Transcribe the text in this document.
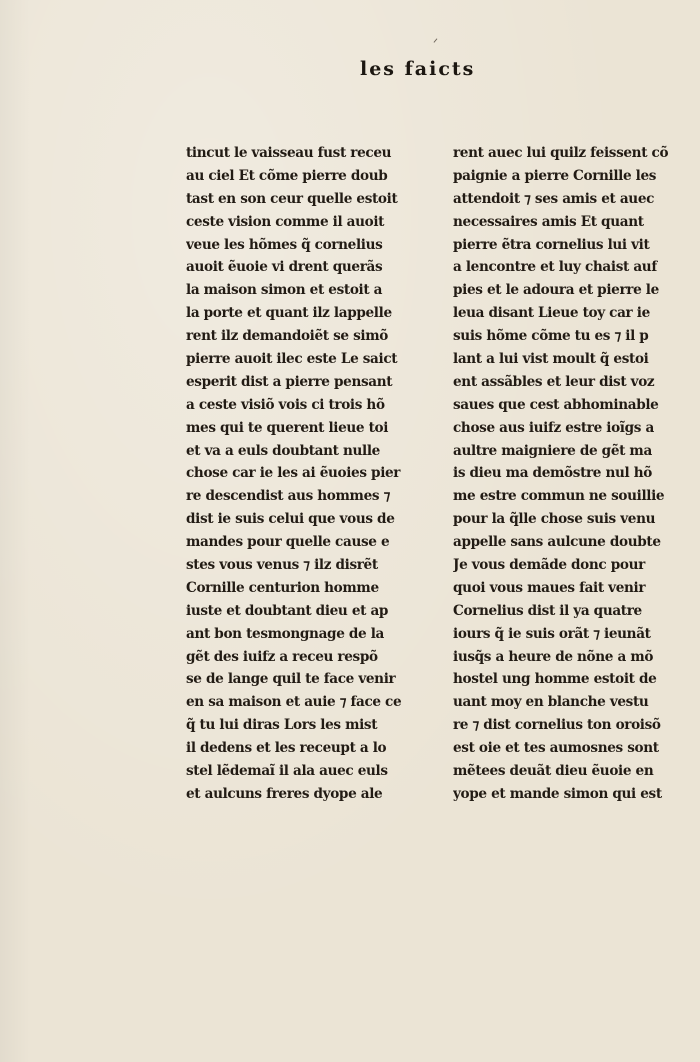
les faicts
tincut le vaisseau fust receu
au ciel Et cõme pierre doub
tast en son ceur quelle estoit
ceste vision comme il auoit
veue les hõmes q̃ cornelius
auoit ẽuoie vi drent querãs
la maison simon et estoit a
la porte et quant ilz lappelle
rent ilz demandoiẽt se simõ
pierre auoit ilec este Le saict
esperit dist a pierre pensant
a ceste visiõ vois ci trois hõ
mes qui te querent lieue toi
et va a euls doubtant nulle
chose car ie les ai ẽuoies pier
re descendist aus hommes ⁊
dist ie suis celui que vous de
mandes pour quelle cause e
stes vous venus ⁊ ilz disrẽt
Cornille centurion homme
iuste et doubtant dieu et ap
ant bon tesmongnage de la
gẽt des iuifz a receu respõ
se de lange quil te face venir
en sa maison et auie ⁊ face ce
q̃ tu lui diras Lors les mist
il dedens et les receupt a lo
stel lẽdemaĩ il ala auec euls
et aulcuns freres dyope ale
rent auec lui quilz feissent cõ
paignie a pierre Cornille les
attendoit ⁊ ses amis et auec
necessaires amis Et quant
pierre ẽtra cornelius lui vit
a lencontre et luy chaist auf
pies et le adoura et pierre le
leua disant Lieue toy car ie
suis hõme cõme tu es ⁊ il p
lant a lui vist moult q̃ estoi
ent assãbles et leur dist voz
saues que cest abhominable
chose aus iuifz estre ioĩgs a
aultre maigniere de gẽt ma
is dieu ma demõstre nul hõ
me estre commun ne souillie
pour la q̃lle chose suis venu
appelle sans aulcune doubte
Je vous demãde donc pour
quoi vous maues fait venir
Cornelius dist il ya quatre
iours q̃ ie suis orãt ⁊ ieunãt
iusq̃s a heure de nõne a mõ
hostel ung homme estoit de
uant moy en blanche vestu
re ⁊ dist cornelius ton oroisõ
est oie et tes aumosnes sont
mẽtees deuãt dieu ẽuoie en
yope et mande simon qui est
ᐟ
